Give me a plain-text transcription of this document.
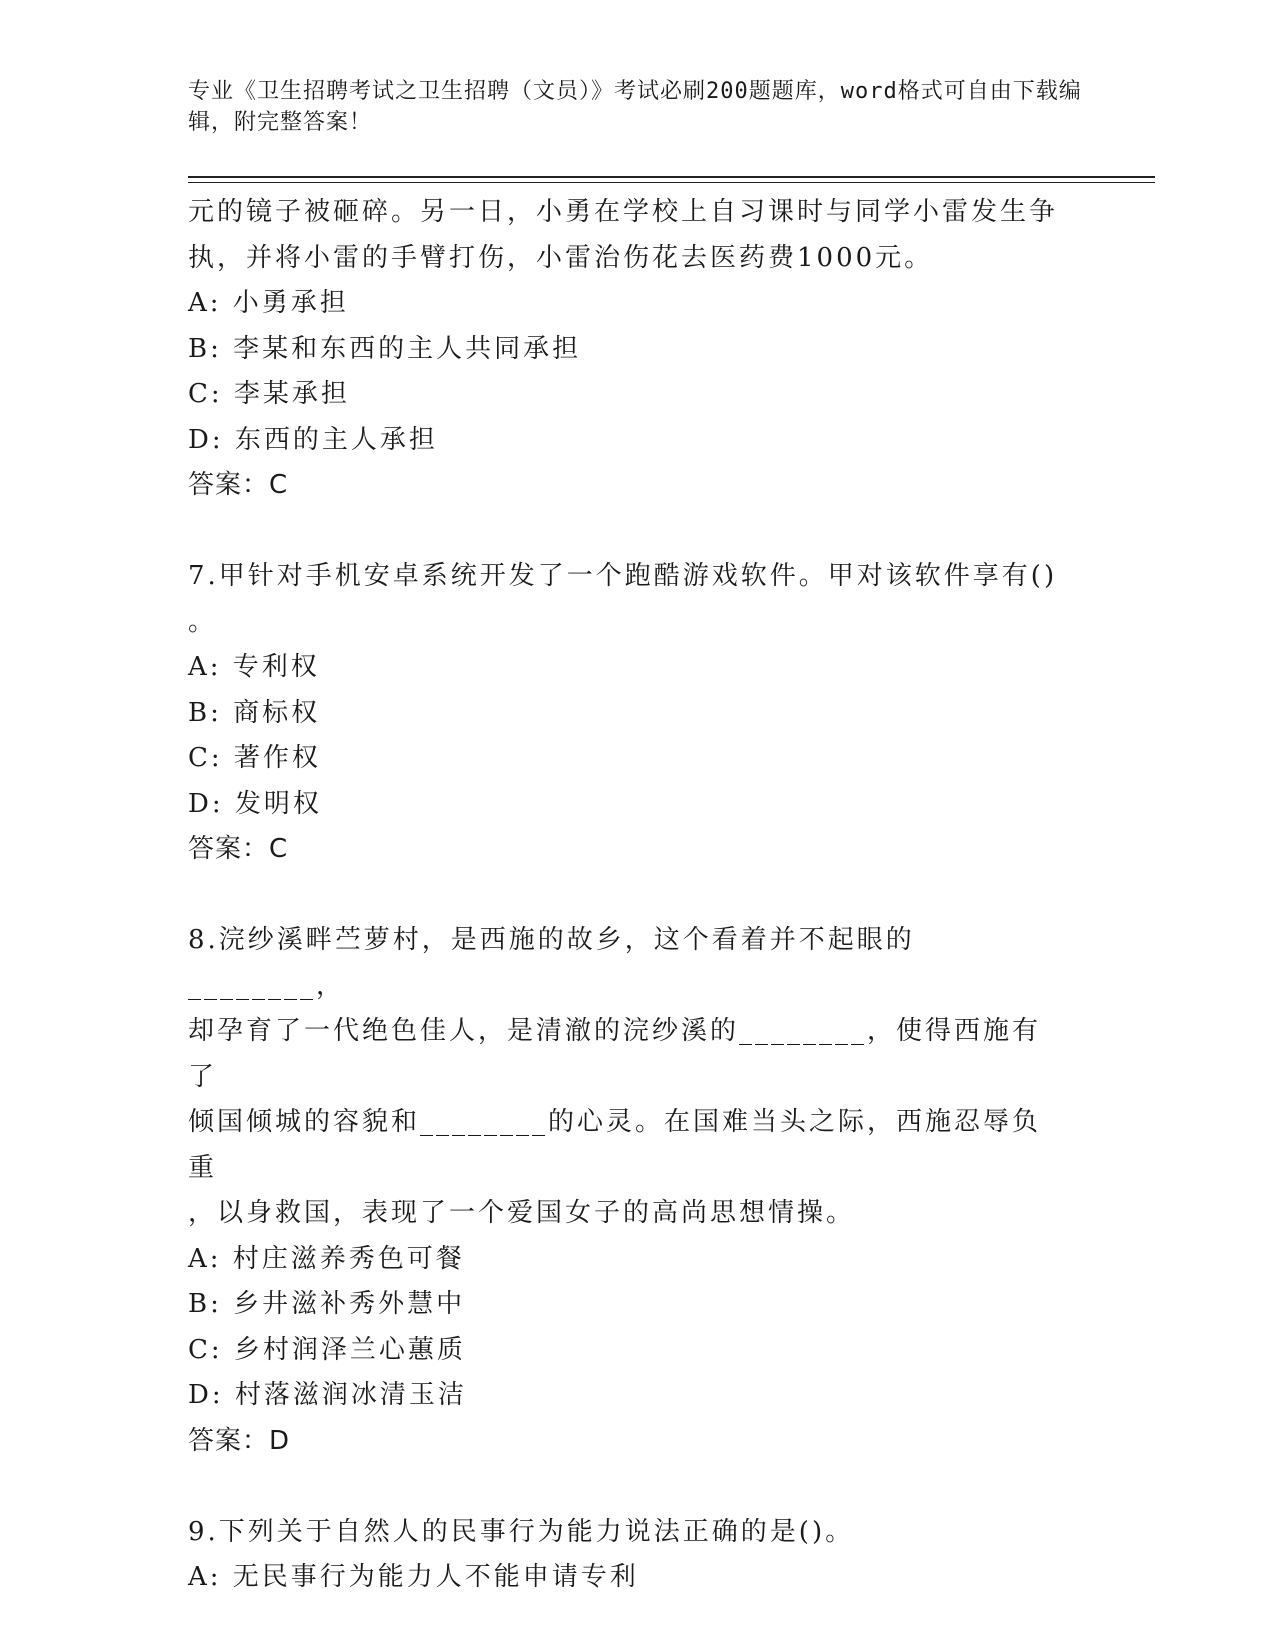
专业《卫生招聘考试之卫生招聘（文员）》考试必刷200题题库，word格式可自由下载编辑，附完整答案！

元的镜子被砸碎。另一日，小勇在学校上自习课时与同学小雷发生争

执，并将小雷的手臂打伤，小雷治伤花去医药费1000元。

A: 小勇承担

B: 李某和东西的主人共同承担

C: 李某承担

D: 东西的主人承担

答案：C

7.甲针对手机安卓系统开发了一个跑酷游戏软件。甲对该软件享有()

。

A: 专利权

B: 商标权

C: 著作权

D: 发明权

答案：C

8.浣纱溪畔苎萝村，是西施的故乡，这个看着并不起眼的________，

却孕育了一代绝色佳人，是清澈的浣纱溪的________，使得西施有了

倾国倾城的容貌和________的心灵。在国难当头之际，西施忍辱负重

，以身救国，表现了一个爱国女子的高尚思想情操。

A: 村庄滋养秀色可餐

B: 乡井滋补秀外慧中

C: 乡村润泽兰心蕙质

D: 村落滋润冰清玉洁

答案：D

9.下列关于自然人的民事行为能力说法正确的是()。

A: 无民事行为能力人不能申请专利
